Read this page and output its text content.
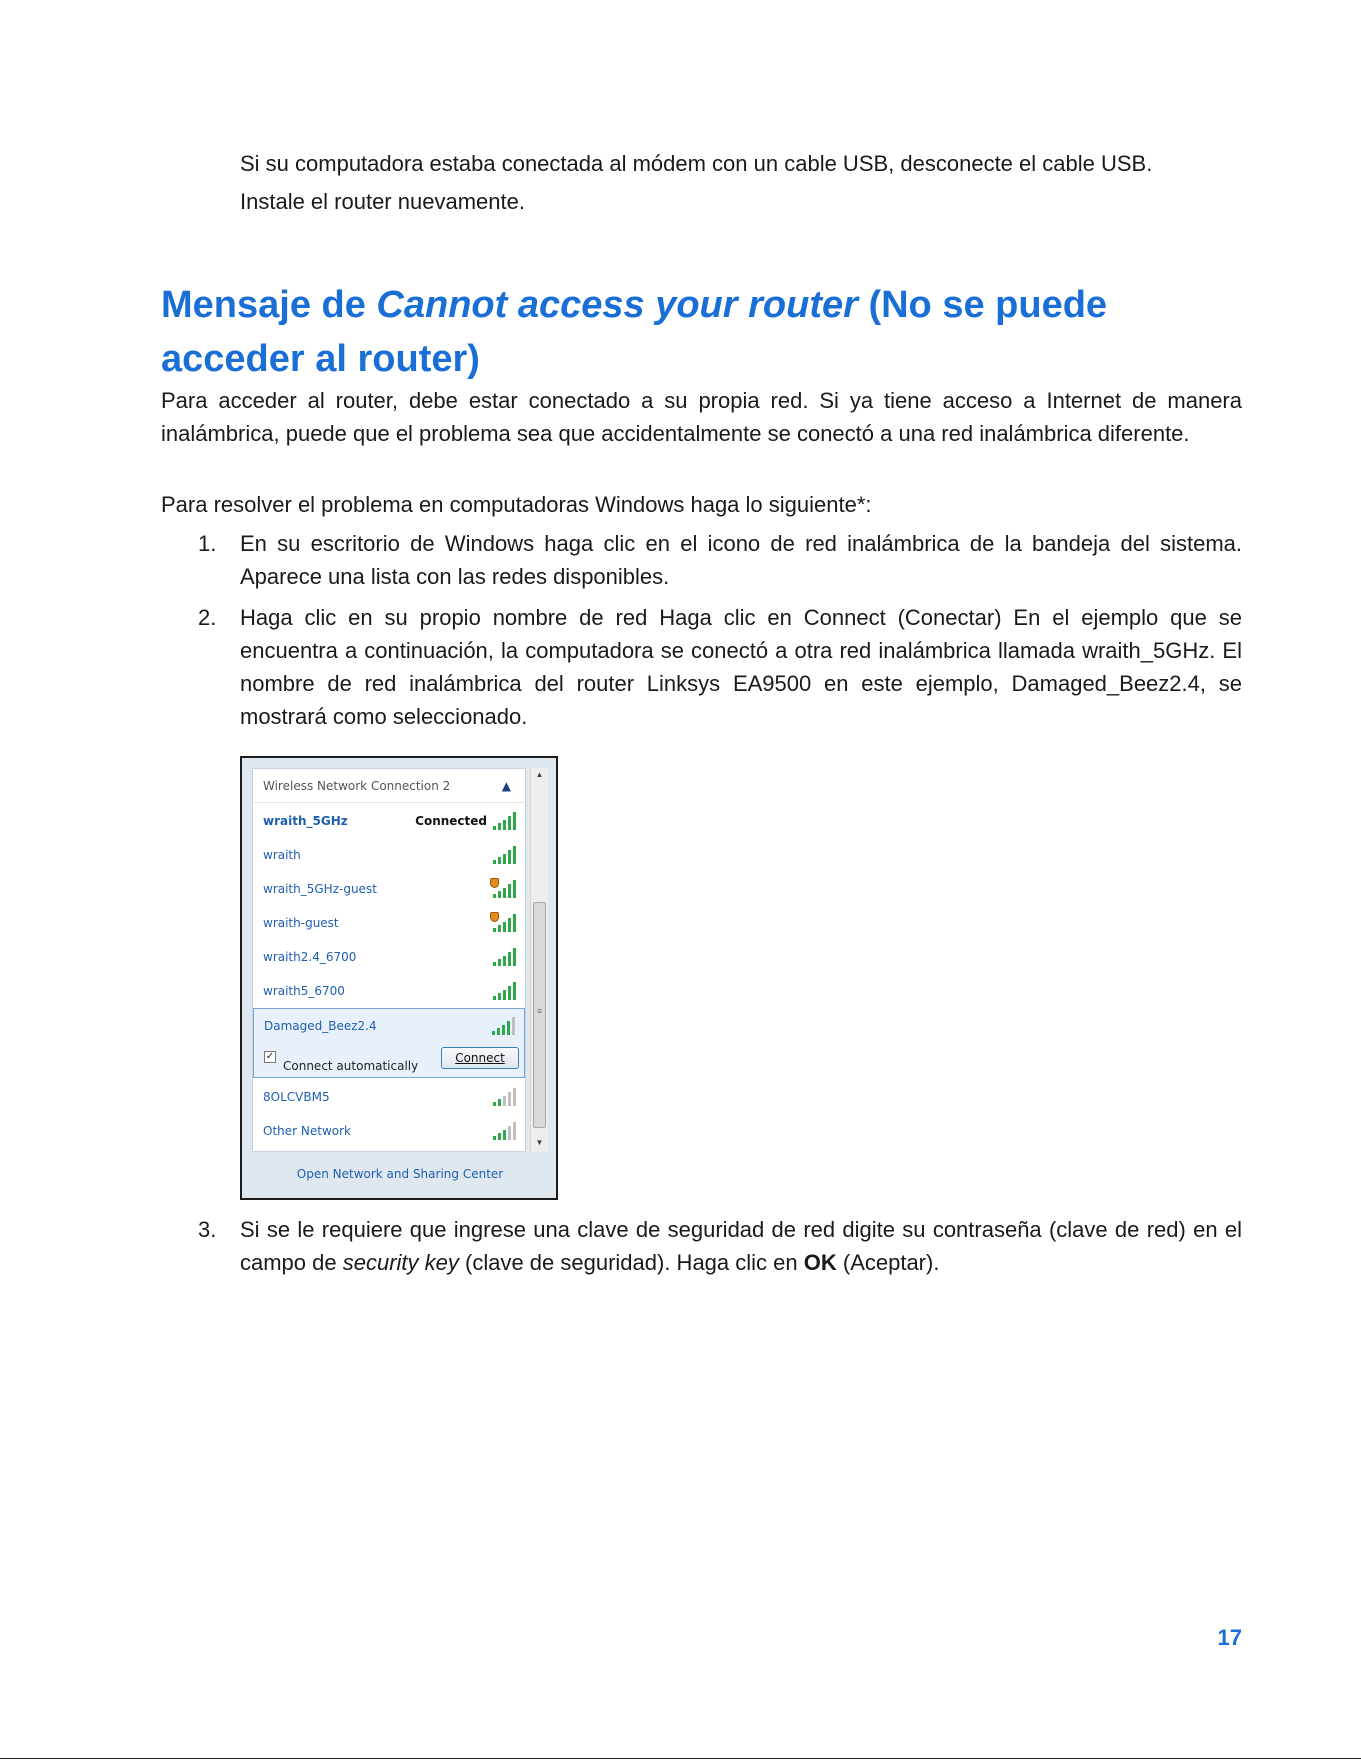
Si su computadora estaba conectada al módem con un cable USB, desconecte el cable USB.

Instale el router nuevamente.

Mensaje de Cannot access your router (No se puede acceder al router)

Para acceder al router, debe estar conectado a su propia red. Si ya tiene acceso a Internet de manera inalámbrica, puede que el problema sea que accidentalmente se conectó a una red inalámbrica diferente.

Para resolver el problema en computadoras Windows haga lo siguiente*:

1. En su escritorio de Windows haga clic en el icono de red inalámbrica de la bandeja del sistema. Aparece una lista con las redes disponibles.

2. Haga clic en su propio nombre de red Haga clic en Connect (Conectar) En el ejemplo que se encuentra a continuación, la computadora se conectó a otra red inalámbrica llamada wraith_5GHz. El nombre de red inalámbrica del router Linksys EA9500 en este ejemplo, Damaged_Beez2.4, se mostrará como seleccionado.

Wireless Network Connection 2	▲
wraith_5GHz	Connected
wraith
wraith_5GHz-guest
wraith-guest
wraith2.4_6700
wraith5_6700
Damaged_Beez2.4
✓
Connect automatically
Connect
8OLCVBM5
Other Network
▲
≡
▼
Open Network and Sharing Center
3. Si se le requiere que ingrese una clave de seguridad de red digite su contraseña (clave de red) en el campo de security key (clave de seguridad). Haga clic en OK (Aceptar).

17
